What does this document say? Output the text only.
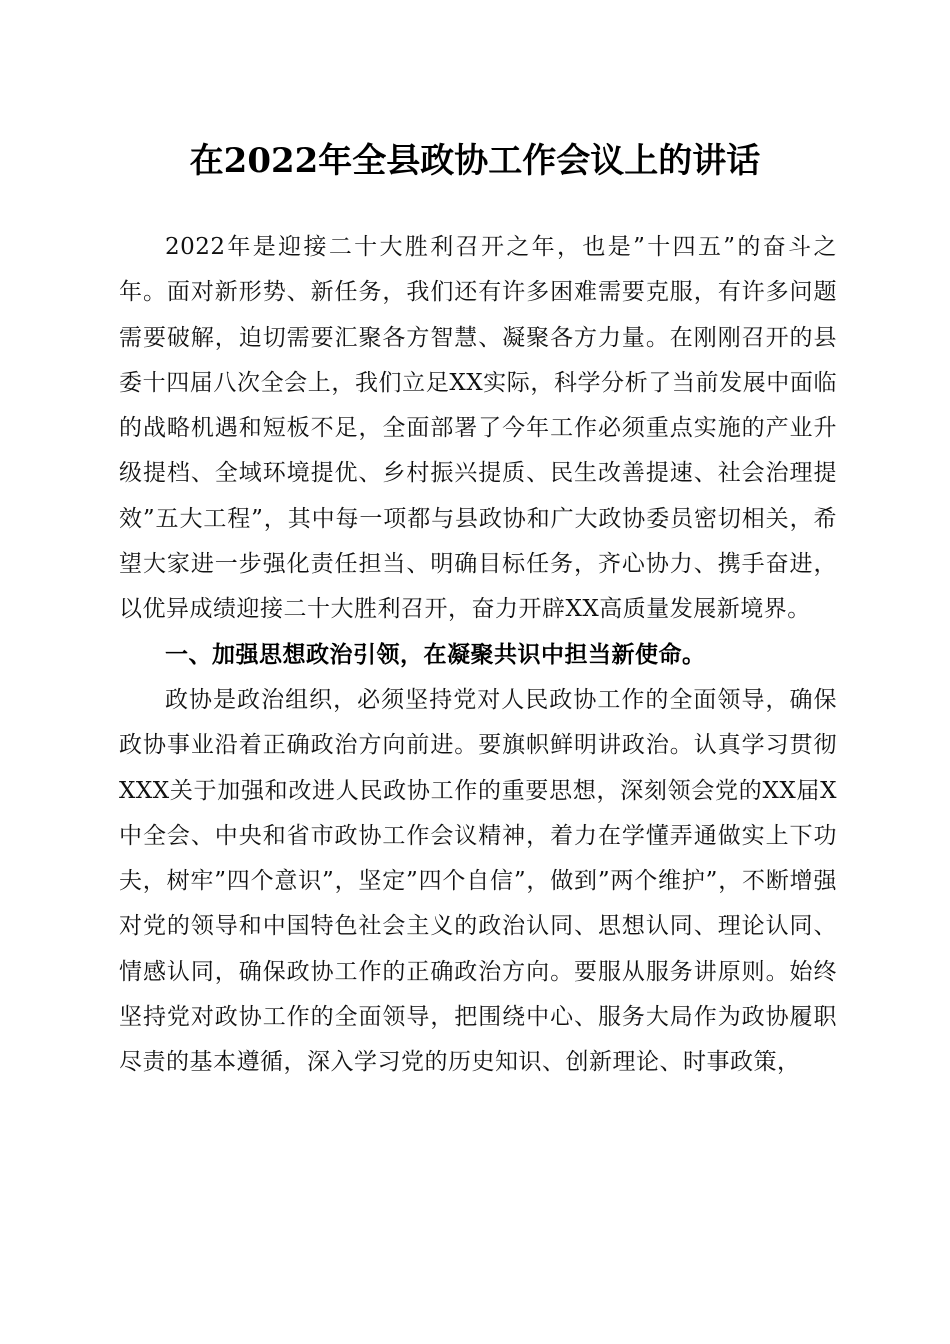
在2022年全县政协工作会议上的讲话

2022年是迎接二十大胜利召开之年，也是”十四五”的奋斗之年。面对新形势、新任务，我们还有许多困难需要克服，有许多问题需要破解，迫切需要汇聚各方智慧、凝聚各方力量。在刚刚召开的县委十四届八次全会上，我们立足XX实际，科学分析了当前发展中面临的战略机遇和短板不足，全面部署了今年工作必须重点实施的产业升级提档、全域环境提优、乡村振兴提质、民生改善提速、社会治理提效”五大工程”，其中每一项都与县政协和广大政协委员密切相关，希望大家进一步强化责任担当、明确目标任务，齐心协力、携手奋进，以优异成绩迎接二十大胜利召开，奋力开辟XX高质量发展新境界。

一、加强思想政治引领，在凝聚共识中担当新使命。

政协是政治组织，必须坚持党对人民政协工作的全面领导，确保政协事业沿着正确政治方向前进。要旗帜鲜明讲政治。认真学习贯彻XXX关于加强和改进人民政协工作的重要思想，深刻领会党的XX届X中全会、中央和省市政协工作会议精神，着力在学懂弄通做实上下功夫，树牢”四个意识”，坚定”四个自信”，做到”两个维护”，不断增强对党的领导和中国特色社会主义的政治认同、思想认同、理论认同、情感认同，确保政协工作的正确政治方向。要服从服务讲原则。始终坚持党对政协工作的全面领导，把围绕中心、服务大局作为政协履职尽责的基本遵循，深入学习党的历史知识、创新理论、时事政策，
